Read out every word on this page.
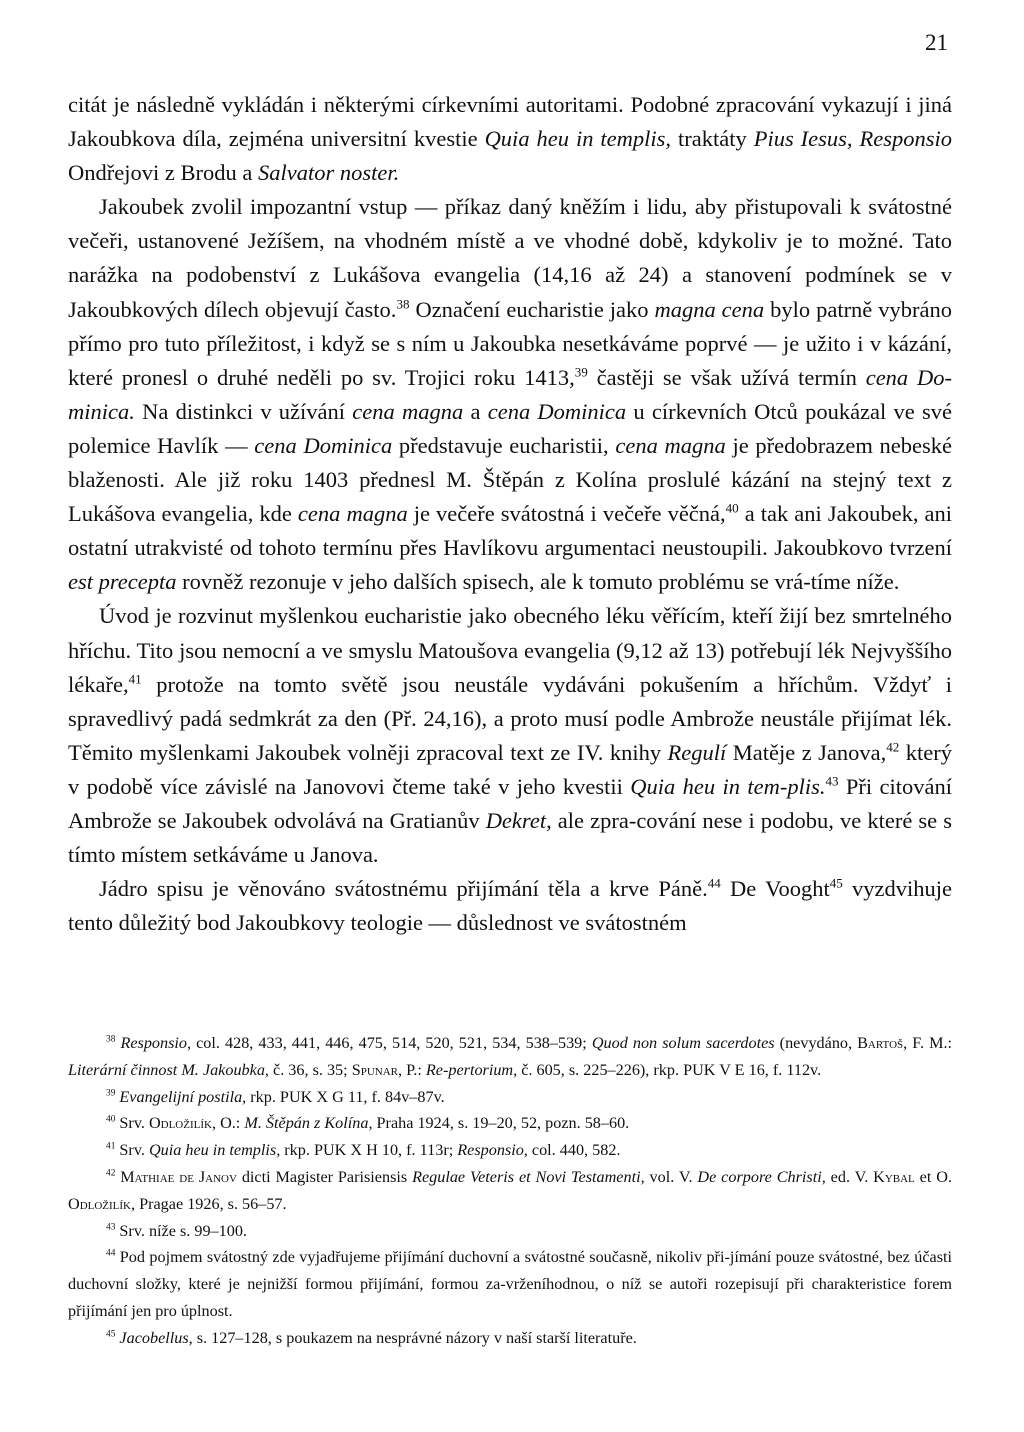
21

citát je následně vykládán i některými církevními autoritami. Podobné zpracování vykazují i jiná Jakoubkova díla, zejména universitní kvestie Quia heu in templis, traktáty Pius Iesus, Responsio Ondřejovi z Brodu a Salvator noster.

Jakoubek zvolil impozantní vstup — příkaz daný kněžím i lidu, aby přistupovali k svátostné večeři, ustanovené Ježíšem, na vhodném místě a ve vhodné době, kdykoliv je to možné. Tato narážka na podobenství z Lukášova evangelia (14,16 až 24) a stanovení podmínek se v Jakoubkových dílech objevují často.$^{38}$ Označení eucharistie jako magna cena bylo patrně vybráno přímo pro tuto příležitost, i když se s ním u Jakoubka nesetkáváme poprvé — je užito i v kázání, které pronesl o druhé neděli po sv. Trojici roku 1413,39 častěji se však užívá termín cena Do-minica. Na distinkci v užívání cena magna a cena Dominica u církevních Otců poukázal ve své polemice Havlík — cena Dominica představuje eucharistii, cena magna je předobrazem nebeské blaženosti. Ale již roku 1403 přednesl M. Štěpán z Kolína proslulé kázání na stejný text z Lukášova evangelia, kde cena magna je večeře svátostná i večeře věčná,$^{40}$ a tak ani Jakoubek, ani ostatní utrakvisté od tohoto termínu přes Havlíkovu argumentaci neustoupili. Jakoubkovo tvrzení est precepta rovněž rezonuje v jeho dalších spisech, ale k tomuto problému se vrá-tíme níže.

Úvod je rozvinut myšlenkou eucharistie jako obecného léku věřícím, kteří žijí bez smrtelného hříchu. Tito jsou nemocní a ve smyslu Matoušova evangelia (9,12 až 13) potřebují lék Nejvyššího lékaře,$^{41}$ protože na tomto světě jsou neustále vydáváni pokušením a hříchům. Vždyť i spravedlivý padá sedmkrát za den (Př. 24,16), a proto musí podle Ambrože neustále přijímat lék. Těmito myšlenkami Jakoubek volněji zpracoval text ze IV. knihy Regulí Matěje z Janova,$^{42}$ který v podobě více závislé na Janovovi čteme také v jeho kvestii Quia heu in tem-plis.$^{43}$ Při citování Ambrože se Jakoubek odvolává na Gratianův Dekret, ale zpra-cování nese i podobu, ve které se s tímto místem setkáváme u Janova.

Jádro spisu je věnováno svátostnému přijímání těla a krve Páně.$^{44}$ De Vooght$^{45}$ vyzdvihuje tento důležitý bod Jakoubkovy teologie — důslednost ve svátostném

$^{38}$ Responsio, col. 428, 433, 441, 446, 475, 514, 520, 521, 534, 538–539; Quod non solum sacerdotes (nevydáno, Bartoš, F. M.: Literární činnost M. Jakoubka, č. 36, s. 35; Spunar, P.: Re-pertorium, č. 605, s. 225–226), rkp. PUK V E 16, f. 112v.

$^{39}$ Evangelijní postila, rkp. PUK X G 11, f. 84v–87v.

$^{40}$ Srv. Odložilík, O.: M. Štěpán z Kolína, Praha 1924, s. 19–20, 52, pozn. 58–60.

$^{41}$ Srv. Quia heu in templis, rkp. PUK X H 10, f. 113r; Responsio, col. 440, 582.

$^{42}$ Mathiae de Janov dicti Magister Parisiensis Regulae Veteris et Novi Testamenti, vol. V. De corpore Christi, ed. V. Kybal et O. Odložilík, Pragae 1926, s. 56–57.

$^{43}$ Srv. níže s. 99–100.

$^{44}$ Pod pojmem svátostný zde vyjadřujeme přijímání duchovní a svátostné současně, nikoliv při-jímání pouze svátostné, bez účasti duchovní složky, které je nejnižší formou přijímání, formou za-vrženíhodnou, o níž se autoři rozepisují při charakteristice forem přijímání jen pro úplnost.

$^{45}$ Jacobellus, s. 127–128, s poukazem na nesprávné názory v naší starší literatuře.
